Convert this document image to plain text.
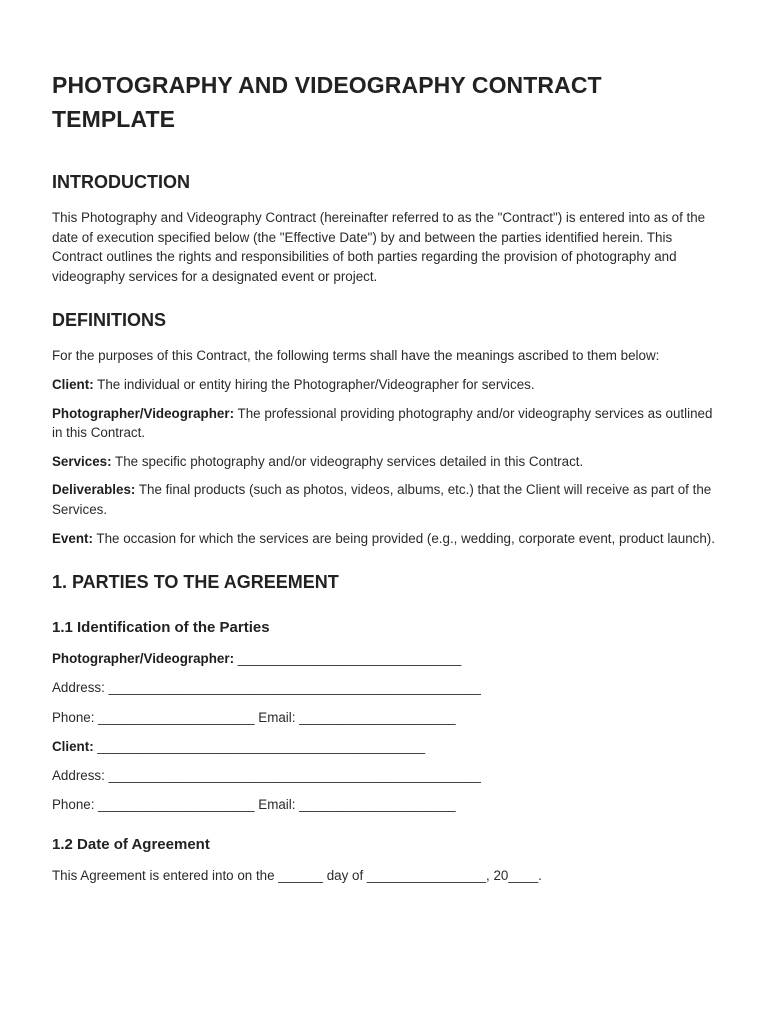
PHOTOGRAPHY AND VIDEOGRAPHY CONTRACT TEMPLATE
INTRODUCTION

This Photography and Videography Contract (hereinafter referred to as the "Contract") is entered into as of the date of execution specified below (the "Effective Date") by and between the parties identified herein. This Contract outlines the rights and responsibilities of both parties regarding the provision of photography and videography services for a designated event or project.

DEFINITIONS

For the purposes of this Contract, the following terms shall have the meanings ascribed to them below:

Client: The individual or entity hiring the Photographer/Videographer for services.

Photographer/Videographer: The professional providing photography and/or videography services as outlined in this Contract.

Services: The specific photography and/or videography services detailed in this Contract.

Deliverables: The final products (such as photos, videos, albums, etc.) that the Client will receive as part of the Services.

Event: The occasion for which the services are being provided (e.g., wedding, corporate event, product launch).

1. PARTIES TO THE AGREEMENT
1.1 Identification of the Parties

Photographer/Videographer: ______________________________

Address: __________________________________________________

Phone: _____________________ Email: _____________________

Client: ____________________________________________

Address: __________________________________________________

Phone: _____________________ Email: _____________________

1.2 Date of Agreement

This Agreement is entered into on the ______ day of ________________, 20____.
